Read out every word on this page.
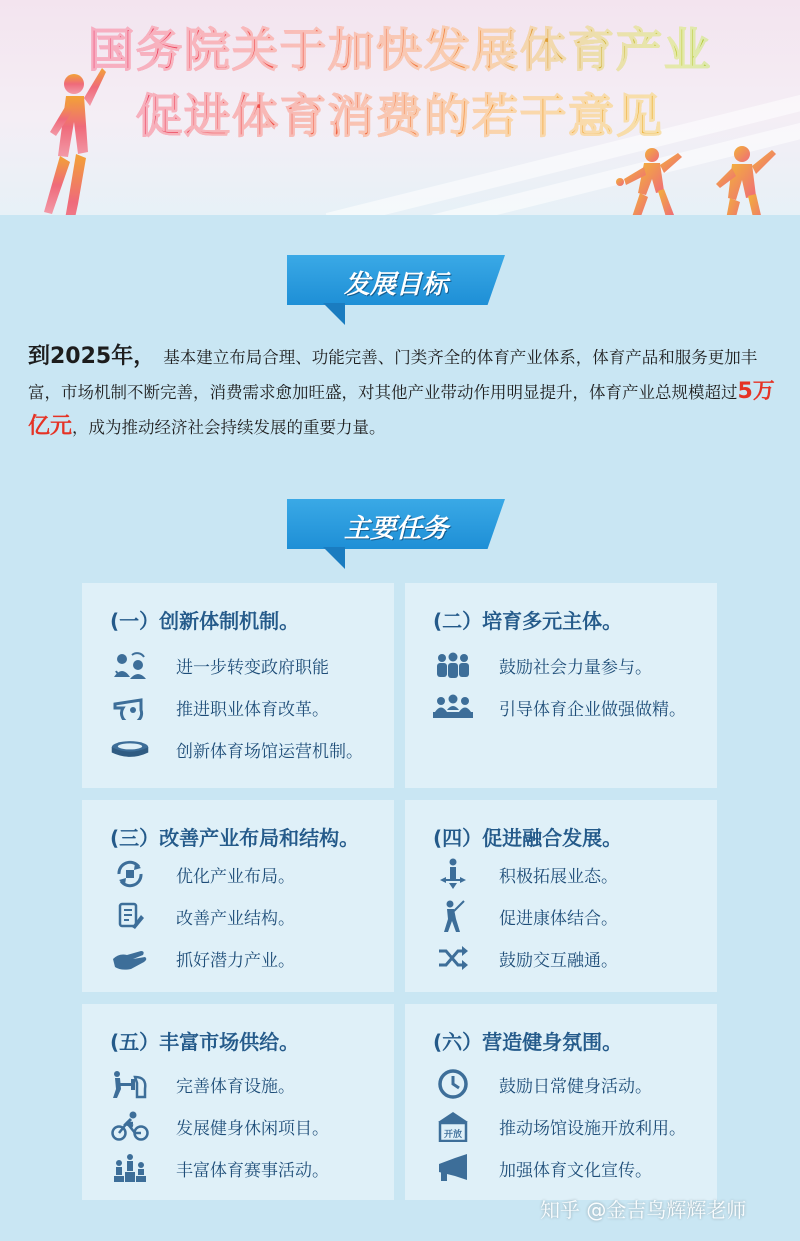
国务院关于加快发展体育产业
促进体育消费的若干意见
发展目标
到2025年， 基本建立布局合理、功能完善、门类齐全的体育产业体系，体育产品和服务更加丰富，市场机制不断完善，消费需求愈加旺盛，对其他产业带动作用明显提升，体育产业总规模超过5万亿元，成为推动经济社会持续发展的重要力量。
主要任务
(一）创新体制机制。
进一步转变政府职能
推进职业体育改革。
创新体育场馆运营机制。
(二）培育多元主体。
鼓励社会力量参与。
引导体育企业做强做精。
(三）改善产业布局和结构。
优化产业布局。
改善产业结构。
抓好潜力产业。
(四）促进融合发展。
积极拓展业态。
促进康体结合。
鼓励交互融通。
(五）丰富市场供给。
完善体育设施。
发展健身休闲项目。
丰富体育赛事活动。
(六）营造健身氛围。
鼓励日常健身活动。
开放 推动场馆设施开放利用。
加强体育文化宣传。
知乎 @金吉鸟辉辉老师
